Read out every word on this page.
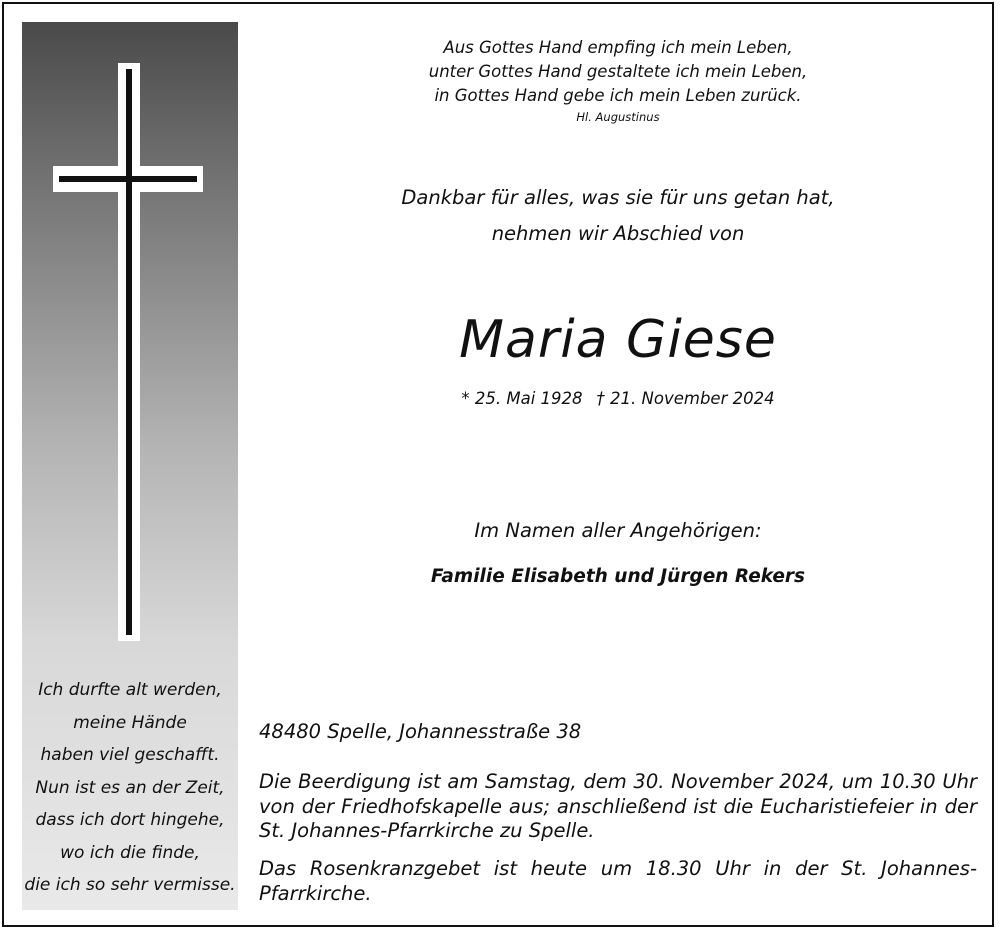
Ich durfte alt werden,
meine Hände
haben viel geschafft.
Nun ist es an der Zeit,
dass ich dort hingehe,
wo ich die finde,
die ich so sehr vermisse.
Aus Gottes Hand empfing ich mein Leben,
unter Gottes Hand gestaltete ich mein Leben,
in Gottes Hand gebe ich mein Leben zurück.
Hl. Augustinus
Dankbar für alles, was sie für uns getan hat,
nehmen wir Abschied von
Maria Giese
* 25. Mai 1928 † 21. November 2024
Im Namen aller Angehörigen:
Familie Elisabeth und Jürgen Rekers
48480 Spelle, Johannesstraße 38

Die Beerdigung ist am Samstag, dem 30. November 2024, um 10.30 Uhr von der Friedhofskapelle aus; anschließend ist die Eucharistiefeier in der St. Johannes-Pfarrkirche zu Spelle.

Das Rosenkranzgebet ist heute um 18.30 Uhr in der St. Johannes-Pfarrkirche.
